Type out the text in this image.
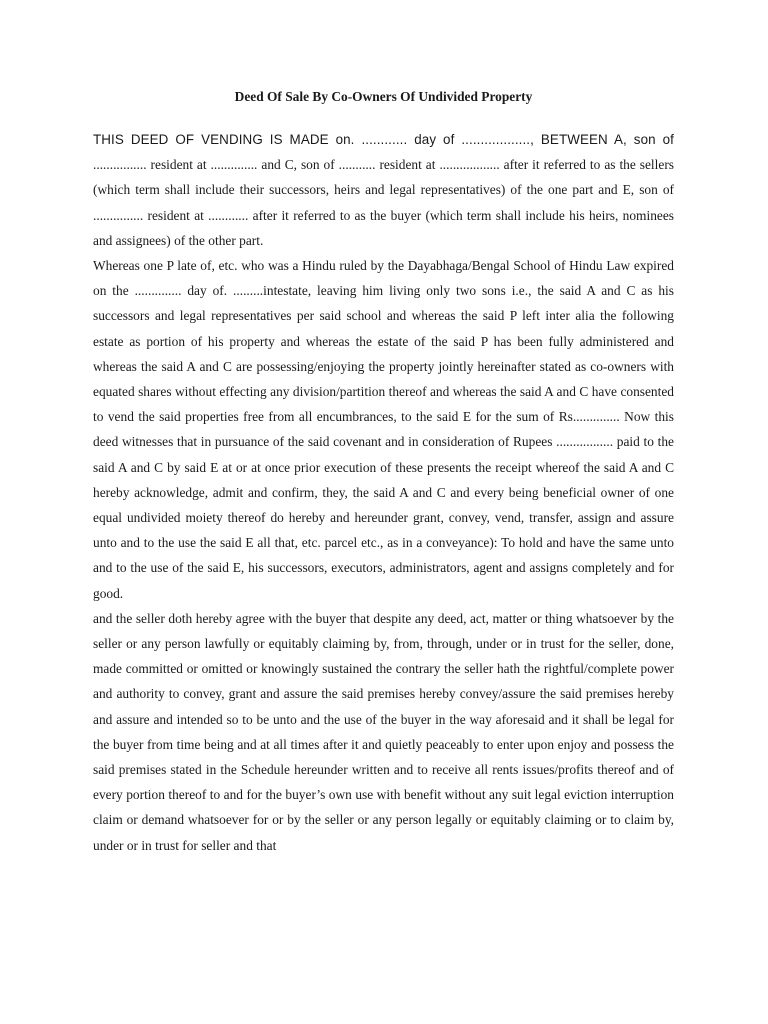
Deed Of Sale By Co-Owners Of Undivided Property

THIS DEED OF VENDING IS MADE on. ............ day of .................., BETWEEN A, son of ................ resident at .............. and C, son of ........... resident at .................. after it referred to as the sellers (which term shall include their successors, heirs and legal representatives) of the one part and E, son of ............... resident at ............ after it referred to as the buyer (which term shall include his heirs, nominees and assignees) of the other part.

Whereas one P late of, etc. who was a Hindu ruled by the Dayabhaga/Bengal School of Hindu Law expired on the .............. day of. .........intestate, leaving him living only two sons i.e., the said A and C as his successors and legal representatives per said school and whereas the said P left inter alia the following estate as portion of his property and whereas the estate of the said P has been fully administered and whereas the said A and C are possessing/enjoying the property jointly hereinafter stated as co-owners with equated shares without effecting any division/partition thereof and whereas the said A and C have consented to vend the said properties free from all encumbrances, to the said E for the sum of Rs.............. Now this deed witnesses that in pursuance of the said covenant and in consideration of Rupees ................. paid to the said A and C by said E at or at once prior execution of these presents the receipt whereof the said A and C hereby acknowledge, admit and confirm, they, the said A and C and every being beneficial owner of one equal undivided moiety thereof do hereby and hereunder grant, convey, vend, transfer, assign and assure unto and to the use the said E all that, etc. parcel etc., as in a conveyance): To hold and have the same unto and to the use of the said E, his successors, executors, administrators, agent and assigns completely and for good.

and the seller doth hereby agree with the buyer that despite any deed, act, matter or thing whatsoever by the seller or any person lawfully or equitably claiming by, from, through, under or in trust for the seller, done, made committed or omitted or knowingly sustained the contrary the seller hath the rightful/complete power and authority to convey, grant and assure the said premises hereby convey/assure the said premises hereby and assure and intended so to be unto and the use of the buyer in the way aforesaid and it shall be legal for the buyer from time being and at all times after it and quietly peaceably to enter upon enjoy and possess the said premises stated in the Schedule hereunder written and to receive all rents issues/profits thereof and of every portion thereof to and for the buyer’s own use with benefit without any suit legal eviction interruption claim or demand whatsoever for or by the seller or any person legally or equitably claiming or to claim by, under or in trust for seller and that
